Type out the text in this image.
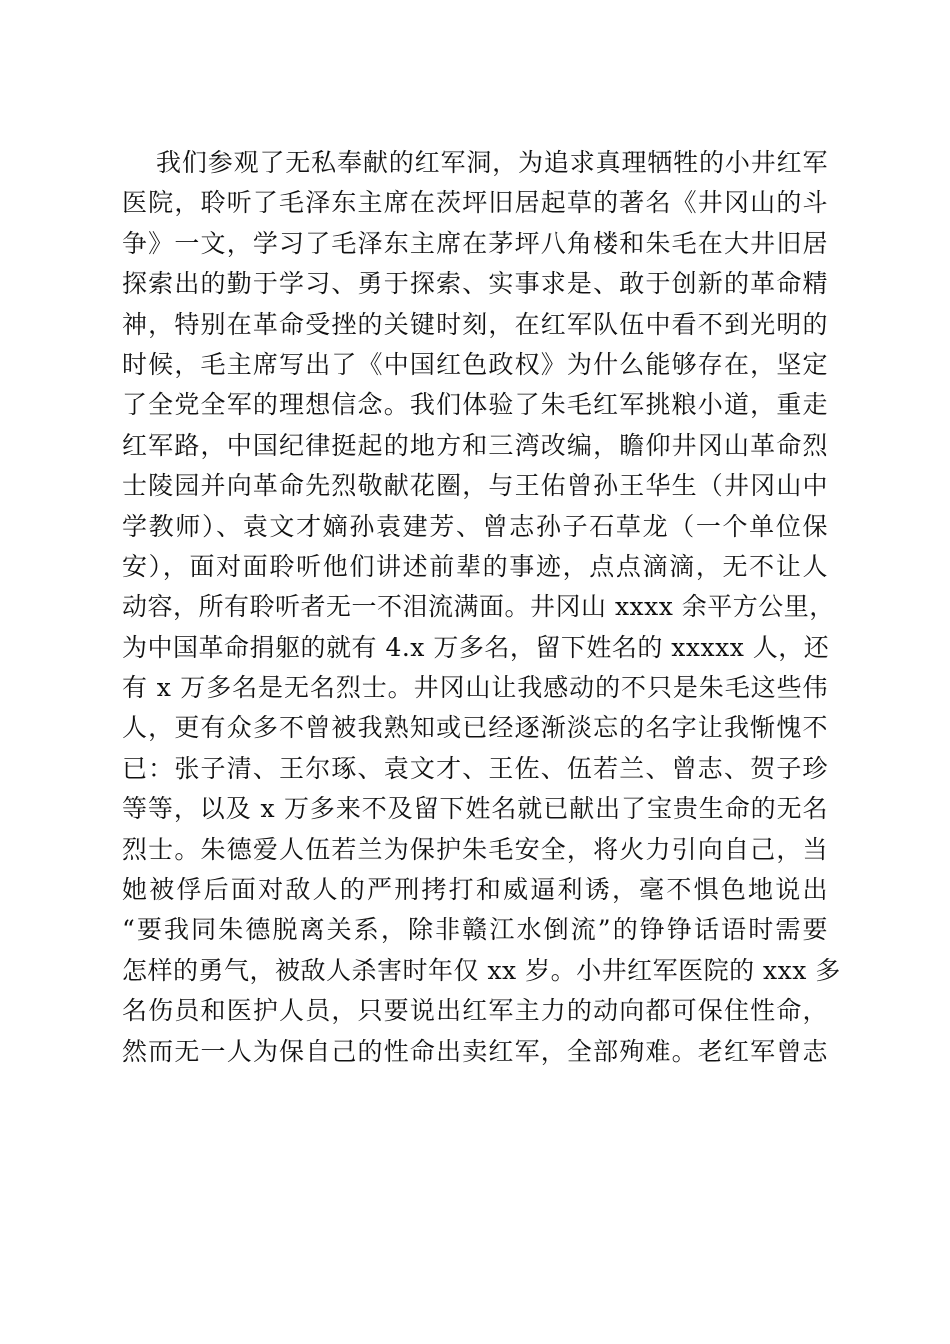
我们参观了无私奉献的红军洞，为追求真理牺牲的小井红军
医院，聆听了毛泽东主席在茨坪旧居起草的著名《井冈山的斗
争》一文，学习了毛泽东主席在茅坪八角楼和朱毛在大井旧居
探索出的勤于学习、勇于探索、实事求是、敢于创新的革命精
神，特别在革命受挫的关键时刻，在红军队伍中看不到光明的
时候，毛主席写出了《中国红色政权》为什么能够存在，坚定
了全党全军的理想信念。我们体验了朱毛红军挑粮小道，重走
红军路，中国纪律挺起的地方和三湾改编，瞻仰井冈山革命烈
士陵园并向革命先烈敬献花圈，与王佑曾孙王华生（井冈山中
学教师）、袁文才嫡孙袁建芳、曾志孙子石草龙（一个单位保
安），面对面聆听他们讲述前辈的事迹，点点滴滴，无不让人
动容，所有聆听者无一不泪流满面。井冈山 xxxx 余平方公里，
为中国革命捐躯的就有 4.x 万多名，留下姓名的 xxxxx 人，还
有 x 万多名是无名烈士。井冈山让我感动的不只是朱毛这些伟
人，更有众多不曾被我熟知或已经逐渐淡忘的名字让我惭愧不
已：张子清、王尔琢、袁文才、王佐、伍若兰、曾志、贺子珍
等等，以及 x 万多来不及留下姓名就已献出了宝贵生命的无名
烈士。朱德爱人伍若兰为保护朱毛安全，将火力引向自己，当
她被俘后面对敌人的严刑拷打和威逼利诱，毫不惧色地说出
“要我同朱德脱离关系，除非赣江水倒流”的铮铮话语时需要
怎样的勇气，被敌人杀害时年仅 xx 岁。小井红军医院的 xxx 多
名伤员和医护人员，只要说出红军主力的动向都可保住性命，
然而无一人为保自己的性命出卖红军，全部殉难。老红军曾志
